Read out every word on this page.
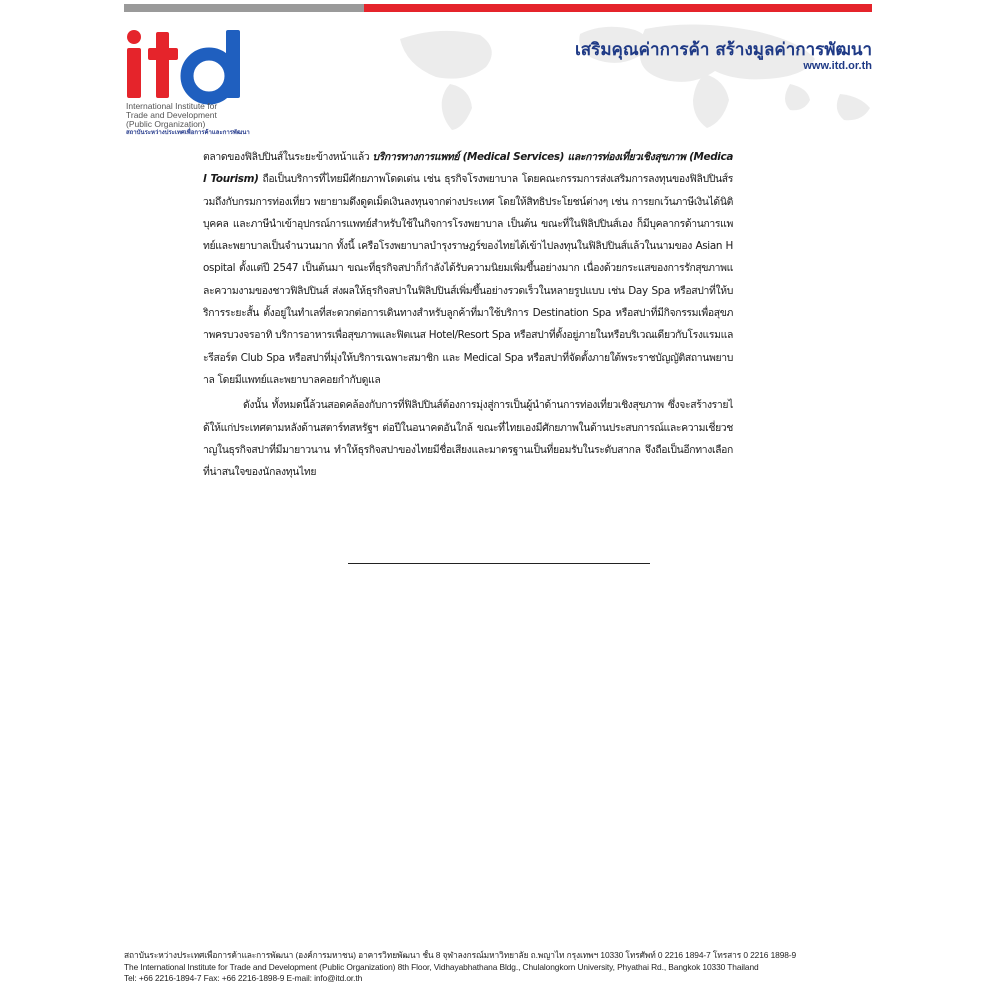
International Institute for
Trade and Development
(Public Organization)
สถาบันระหว่างประเทศเพื่อการค้าและการพัฒนา
เสริมคุณค่าการค้า สร้างมูลค่าการพัฒนา
www.itd.or.th

ตลาดของฟิลิปปินส์ในระยะข้างหน้าแล้ว บริการทางการแพทย์ (Medical Services) และการท่องเที่ยวเชิงสุขภาพ (Medical Tourism) ถือเป็นบริการที่ไทยมีศักยภาพโดดเด่น เช่น ธุรกิจโรงพยาบาล โดยคณะกรรมการส่งเสริมการลงทุนของฟิลิปปินส์รวมถึงกับกรมการท่องเที่ยว พยายามดึงดูดเม็ดเงินลงทุนจากต่างประเทศ โดยให้สิทธิประโยชน์ต่างๆ เช่น การยกเว้นภาษีเงินได้นิติบุคคล และภาษีนำเข้าอุปกรณ์การแพทย์สำหรับใช้ในกิจการโรงพยาบาล เป็นต้น ขณะที่ในฟิลิปปินส์เอง ก็มีบุคลากรด้านการแพทย์และพยาบาลเป็นจำนวนมาก ทั้งนี้ เครือโรงพยาบาลบำรุงราษฎร์ของไทยได้เข้าไปลงทุนในฟิลิปปินส์แล้วในนามของ Asian Hospital ตั้งแต่ปี 2547 เป็นต้นมา ขณะที่ธุรกิจสปาก็กำลังได้รับความนิยมเพิ่มขึ้นอย่างมาก เนื่องด้วยกระแสของการรักสุขภาพและความงามของชาวฟิลิปปินส์ ส่งผลให้ธุรกิจสปาในฟิลิปปินส์เพิ่มขึ้นอย่างรวดเร็วในหลายรูปแบบ เช่น Day Spa หรือสปาที่ให้บริการระยะสั้น ตั้งอยู่ในทำเลที่สะดวกต่อการเดินทางสำหรับลูกค้าที่มาใช้บริการ Destination Spa หรือสปาที่มีกิจกรรมเพื่อสุขภาพครบวงจรอาทิ บริการอาหารเพื่อสุขภาพและฟิตเนส Hotel/Resort Spa หรือสปาที่ตั้งอยู่ภายในหรือบริเวณเดียวกับโรงแรมและรีสอร์ต Club Spa หรือสปาที่มุ่งให้บริการเฉพาะสมาชิก และ Medical Spa หรือสปาที่จัดตั้งภายใต้พระราชบัญญัติสถานพยาบาล โดยมีแพทย์และพยาบาลคอยกำกับดูแล

ดังนั้น ทั้งหมดนี้ล้วนสอดคล้องกับการที่ฟิลิปปินส์ต้องการมุ่งสู่การเป็นผู้นำด้านการท่องเที่ยวเชิงสุขภาพ ซึ่งจะสร้างรายได้ให้แก่ประเทศตามหลังด้านสตาร์ทสหรัฐฯ ต่อปีในอนาคตอันใกล้ ขณะที่ไทยเองมีศักยภาพในด้านประสบการณ์และความเชี่ยวชาญในธุรกิจสปาที่มีมายาวนาน ทำให้ธุรกิจสปาของไทยมีชื่อเสียงและมาตรฐานเป็นที่ยอมรับในระดับสากล จึงถือเป็นอีกทางเลือกที่น่าสนใจของนักลงทุนไทย

สถาบันระหว่างประเทศเพื่อการค้าและการพัฒนา (องค์การมหาชน) อาคารวิทยพัฒนา ชั้น 8 จุฬาลงกรณ์มหาวิทยาลัย ถ.พญาไท กรุงเทพฯ 10330 โทรศัพท์ 0 2216 1894-7 โทรสาร 0 2216 1898-9
The International Institute for Trade and Development (Public Organization) 8th Floor, Vidhayabhathana Bldg., Chulalongkorn University, Phyathai Rd., Bangkok 10330 Thailand
Tel: +66 2216-1894-7 Fax: +66 2216-1898-9 E-mail: info@itd.or.th
